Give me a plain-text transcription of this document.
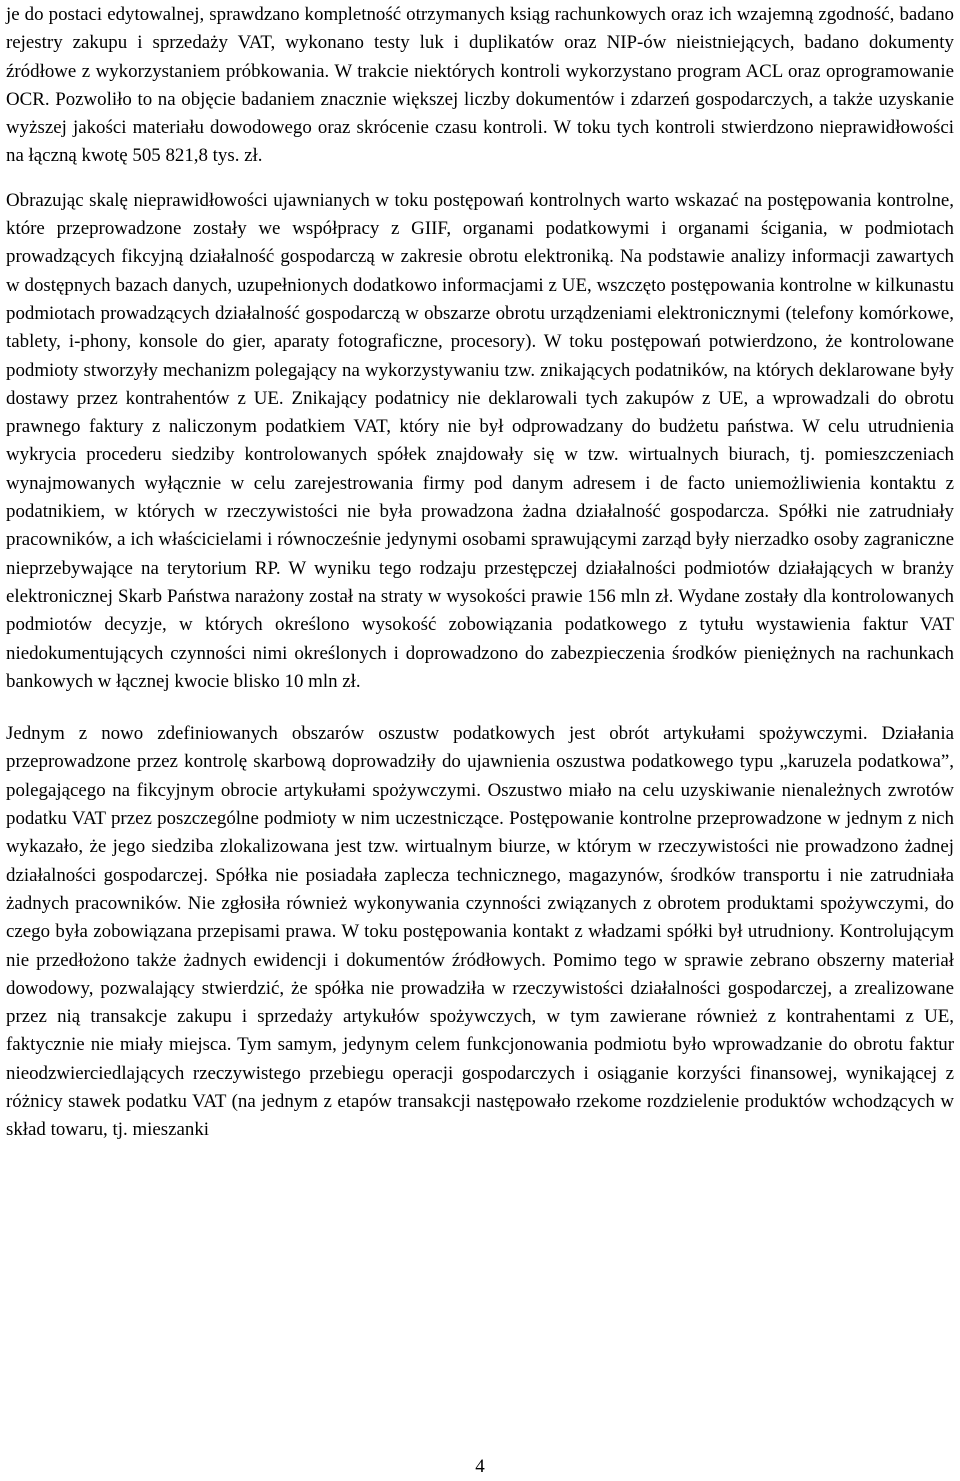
je do postaci edytowalnej, sprawdzano kompletność otrzymanych ksiąg rachunkowych oraz ich wzajemną zgodność, badano rejestry zakupu i sprzedaży VAT, wykonano testy luk i duplikatów oraz NIP-ów nieistniejących, badano dokumenty źródłowe z wykorzystaniem próbkowania. W trakcie niektórych kontroli wykorzystano program ACL oraz oprogramowanie OCR. Pozwoliło to na objęcie badaniem znacznie większej liczby dokumentów i zdarzeń gospodarczych, a także uzyskanie wyższej jakości materiału dowodowego oraz skrócenie czasu kontroli. W toku tych kontroli stwierdzono nieprawidłowości na łączną kwotę 505 821,8 tys. zł.

Obrazując skalę nieprawidłowości ujawnianych w toku postępowań kontrolnych warto wskazać na postępowania kontrolne, które przeprowadzone zostały we współpracy z GIIF, organami podatkowymi i organami ścigania, w podmiotach prowadzących fikcyjną działalność gospodarczą w zakresie obrotu elektroniką. Na podstawie analizy informacji zawartych w dostępnych bazach danych, uzupełnionych dodatkowo informacjami z UE, wszczęto postępowania kontrolne w kilkunastu podmiotach prowadzących działalność gospodarczą w obszarze obrotu urządzeniami elektronicznymi (telefony komórkowe, tablety, i-phony, konsole do gier, aparaty fotograficzne, procesory). W toku postępowań potwierdzono, że kontrolowane podmioty stworzyły mechanizm polegający na wykorzystywaniu tzw. znikających podatników, na których deklarowane były dostawy przez kontrahentów z UE. Znikający podatnicy nie deklarowali tych zakupów z UE, a wprowadzali do obrotu prawnego faktury z naliczonym podatkiem VAT, który nie był odprowadzany do budżetu państwa. W celu utrudnienia wykrycia procederu siedziby kontrolowanych spółek znajdowały się w tzw. wirtualnych biurach, tj. pomieszczeniach wynajmowanych wyłącznie w celu zarejestrowania firmy pod danym adresem i de facto uniemożliwienia kontaktu z podatnikiem, w których w rzeczywistości nie była prowadzona żadna działalność gospodarcza. Spółki nie zatrudniały pracowników, a ich właścicielami i równocześnie jedynymi osobami sprawującymi zarząd były nierzadko osoby zagraniczne nieprzebywające na terytorium RP. W wyniku tego rodzaju przestępczej działalności podmiotów działających w branży elektronicznej Skarb Państwa narażony został na straty w wysokości prawie 156 mln zł. Wydane zostały dla kontrolowanych podmiotów decyzje, w których określono wysokość zobowiązania podatkowego z tytułu wystawienia faktur VAT niedokumentujących czynności nimi określonych i doprowadzono do zabezpieczenia środków pieniężnych na rachunkach bankowych w łącznej kwocie blisko 10 mln zł.

Jednym z nowo zdefiniowanych obszarów oszustw podatkowych jest obrót artykułami spożywczymi. Działania przeprowadzone przez kontrolę skarbową doprowadziły do ujawnienia oszustwa podatkowego typu „karuzela podatkowa”, polegającego na fikcyjnym obrocie artykułami spożywczymi. Oszustwo miało na celu uzyskiwanie nienależnych zwrotów podatku VAT przez poszczególne podmioty w nim uczestniczące. Postępowanie kontrolne przeprowadzone w jednym z nich wykazało, że jego siedziba zlokalizowana jest tzw. wirtualnym biurze, w którym w rzeczywistości nie prowadzono żadnej działalności gospodarczej. Spółka nie posiadała zaplecza technicznego, magazynów, środków transportu i nie zatrudniała żadnych pracowników. Nie zgłosiła również wykonywania czynności związanych z obrotem produktami spożywczymi, do czego była zobowiązana przepisami prawa. W toku postępowania kontakt z władzami spółki był utrudniony. Kontrolującym nie przedłożono także żadnych ewidencji i dokumentów źródłowych. Pomimo tego w sprawie zebrano obszerny materiał dowodowy, pozwalający stwierdzić, że spółka nie prowadziła w rzeczywistości działalności gospodarczej, a zrealizowane przez nią transakcje zakupu i sprzedaży artykułów spożywczych, w tym zawierane również z kontrahentami z UE, faktycznie nie miały miejsca. Tym samym, jedynym celem funkcjonowania podmiotu było wprowadzanie do obrotu faktur nieodzwierciedlających rzeczywistego przebiegu operacji gospodarczych i osiąganie korzyści finansowej, wynikającej z różnicy stawek podatku VAT (na jednym z etapów transakcji następowało rzekome rozdzielenie produktów wchodzących w skład towaru, tj. mieszanki

4
